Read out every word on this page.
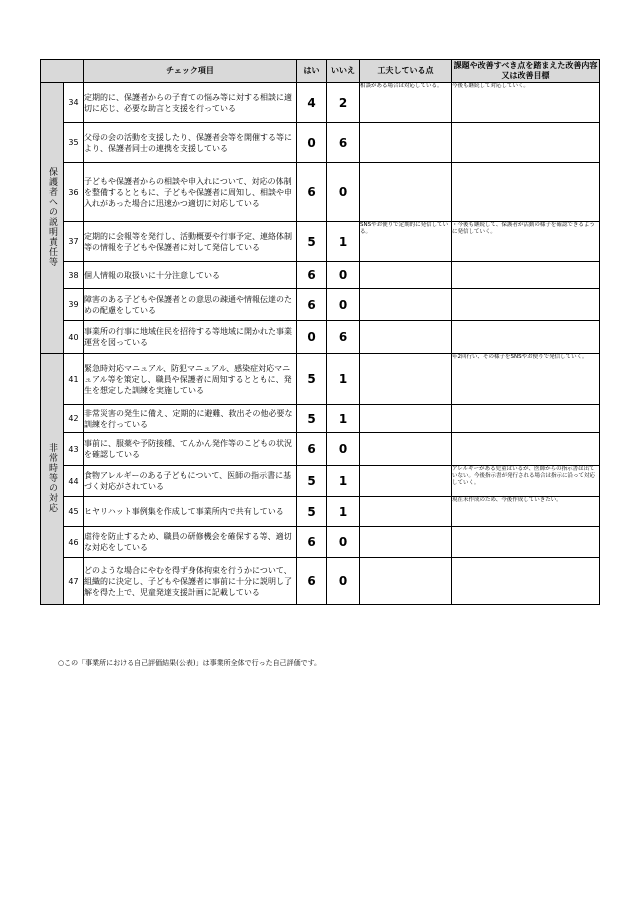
		チェック項目	はい	いいえ	工夫している点	課題や改善すべき点を踏まえた改善内容又は改善目標
保護者への説明責任等	34	定期的に、保護者からの子育ての悩み等に対する相談に適切に応じ、必要な助言と支援を行っている	4	2	相談がある場合は対応している。	今後も継続して対応していく。
	35	父母の会の活動を支援したり、保護者会等を開催する等により、保護者同士の連携を支援している	0	6		
	36	子どもや保護者からの相談や申入れについて、対応の体制を整備するとともに、子どもや保護者に周知し、相談や申入れがあった場合に迅速かつ適切に対応している	6	0		
	37	定期的に会報等を発行し、活動概要や行事予定、連絡体制等の情報を子どもや保護者に対して発信している	5	1	SNSやお便りで定期的に発信している。	・今後も継続して、保護者が活動の様子を確認できるように発信していく。
	38	個人情報の取扱いに十分注意している	6	0		
	39	障害のある子どもや保護者との意思の疎通や情報伝達のための配慮をしている	6	0		
	40	事業所の行事に地域住民を招待する等地域に開かれた事業運営を図っている	0	6		
非常時等の対応	41	緊急時対応マニュアル、防犯マニュアル、感染症対応マニュアル等を策定し、職員や保護者に周知するとともに、発生を想定した訓練を実施している	5	1		年2回行い、その様子をSNSやお便りで発信していく。
	42	非常災害の発生に備え、定期的に避難、救出その他必要な訓練を行っている	5	1		
	43	事前に、服薬や予防接種、てんかん発作等のこどもの状況を確認している	6	0		
	44	食物アレルギーのある子どもについて、医師の指示書に基づく対応がされている	5	1		アレルギーがある児童はいるが、医師からの指示書は出ていない。今後指示書が発行される場合は指示に沿って対応していく。
	45	ヒヤリハット事例集を作成して事業所内で共有している	5	1		現在未作成のため、今後作成していきたい。
	46	虐待を防止するため、職員の研修機会を確保する等、適切な対応をしている	6	0		
	47	どのような場合にやむを得ず身体拘束を行うかについて、組織的に決定し、子どもや保護者に事前に十分に説明し了解を得た上で、児童発達支援計画に記載している	6	0		
○この「事業所における自己評価結果(公表)」は事業所全体で行った自己評価です。
